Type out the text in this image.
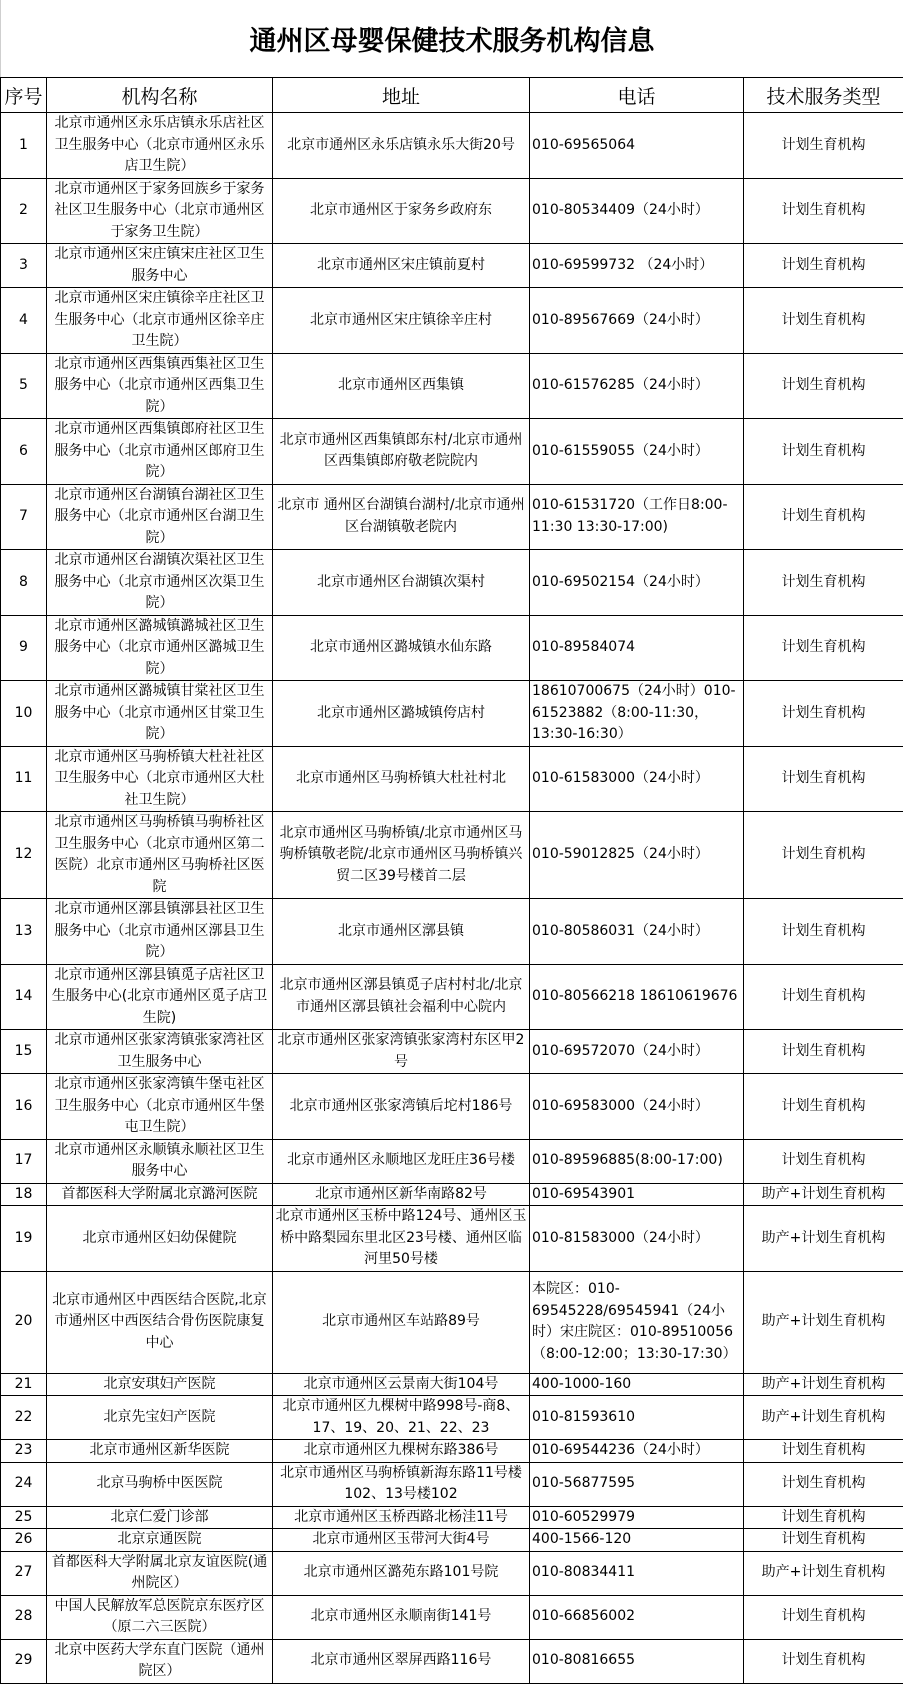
通州区母婴保健技术服务机构信息
序号	机构名称	地址	电话	技术服务类型
1	北京市通州区永乐店镇永乐店社区卫生服务中心（北京市通州区永乐店卫生院）	北京市通州区永乐店镇永乐大街20号	010-69565064	计划生育机构
2	北京市通州区于家务回族乡于家务社区卫生服务中心（北京市通州区于家务卫生院）	北京市通州区于家务乡政府东	010-80534409（24小时）	计划生育机构
3	北京市通州区宋庄镇宋庄社区卫生服务中心	北京市通州区宋庄镇前夏村	010-69599732 （24小时）	计划生育机构
4	北京市通州区宋庄镇徐辛庄社区卫生服务中心（北京市通州区徐辛庄卫生院）	北京市通州区宋庄镇徐辛庄村	010-89567669（24小时）	计划生育机构
5	北京市通州区西集镇西集社区卫生服务中心（北京市通州区西集卫生院）	北京市通州区西集镇	010-61576285（24小时）	计划生育机构
6	北京市通州区西集镇郎府社区卫生服务中心（北京市通州区郎府卫生院）	北京市通州区西集镇郎东村/北京市通州区西集镇郎府敬老院院内	010-61559055（24小时）	计划生育机构
7	北京市通州区台湖镇台湖社区卫生服务中心（北京市通州区台湖卫生院）	北京市 通州区台湖镇台湖村/北京市通州区台湖镇敬老院内	010-61531720（工作日8:00-11:30 13:30-17:00)	计划生育机构
8	北京市通州区台湖镇次渠社区卫生服务中心（北京市通州区次渠卫生院）	北京市通州区台湖镇次渠村	010-69502154（24小时）	计划生育机构
9	北京市通州区潞城镇潞城社区卫生服务中心（北京市通州区潞城卫生院）	北京市通州区潞城镇水仙东路	010-89584074	计划生育机构
10	北京市通州区潞城镇甘棠社区卫生服务中心（北京市通州区甘棠卫生院）	北京市通州区潞城镇侉店村	18610700675（24小时）010-61523882（8:00-11:30，13:30-16:30）	计划生育机构
11	北京市通州区马驹桥镇大杜社社区卫生服务中心（北京市通州区大杜社卫生院）	北京市通州区马驹桥镇大杜社村北	010-61583000（24小时）	计划生育机构
12	北京市通州区马驹桥镇马驹桥社区卫生服务中心（北京市通州区第二医院）北京市通州区马驹桥社区医院	北京市通州区马驹桥镇/北京市通州区马驹桥镇敬老院/北京市通州区马驹桥镇兴贸二区39号楼首二层	010-59012825（24小时）	计划生育机构
13	北京市通州区漷县镇漷县社区卫生服务中心（北京市通州区漷县卫生院）	北京市通州区漷县镇	010-80586031（24小时）	计划生育机构
14	北京市通州区漷县镇觅子店社区卫生服务中心(北京市通州区觅子店卫生院)	北京市通州区漷县镇觅子店村村北/北京市通州区漷县镇社会福利中心院内	010-80566218 18610619676	计划生育机构
15	北京市通州区张家湾镇张家湾社区卫生服务中心	北京市通州区张家湾镇张家湾村东区甲2号	010-69572070（24小时）	计划生育机构
16	北京市通州区张家湾镇牛堡屯社区卫生服务中心（北京市通州区牛堡屯卫生院）	北京市通州区张家湾镇后坨村186号	010-69583000（24小时）	计划生育机构
17	北京市通州区永顺镇永顺社区卫生服务中心	北京市通州区永顺地区龙旺庄36号楼	010-89596885(8:00-17:00)	计划生育机构
18	首都医科大学附属北京潞河医院	北京市通州区新华南路82号	010-69543901	助产+计划生育机构
19	北京市通州区妇幼保健院	北京市通州区玉桥中路124号、通州区玉桥中路梨园东里北区23号楼、通州区临河里50号楼	010-81583000（24小时）	助产+计划生育机构
20	北京市通州区中西医结合医院,北京市通州区中西医结合骨伤医院康复中心	北京市通州区车站路89号	本院区：010-69545228/69545941（24小时）宋庄院区：010-89510056（8:00-12:00；13:30-17:30）	助产+计划生育机构
21	北京安琪妇产医院	北京市通州区云景南大街104号	400-1000-160	助产+计划生育机构
22	北京先宝妇产医院	北京市通州区九棵树中路998号-商8、17、19、20、21、22、23	010-81593610	助产+计划生育机构
23	北京市通州区新华医院	北京市通州区九棵树东路386号	010-69544236（24小时）	计划生育机构
24	北京马驹桥中医医院	北京市通州区马驹桥镇新海东路11号楼102、13号楼102	010-56877595	计划生育机构
25	北京仁爱门诊部	北京市通州区玉桥西路北杨洼11号	010-60529979	计划生育机构
26	北京京通医院	北京市通州区玉带河大街4号	400-1566-120	计划生育机构
27	首都医科大学附属北京友谊医院(通州院区）	北京市通州区潞苑东路101号院	010-80834411	助产+计划生育机构
28	中国人民解放军总医院京东医疗区（原二六三医院）	北京市通州区永顺南街141号	010-66856002	计划生育机构
29	北京中医药大学东直门医院（通州院区）	北京市通州区翠屏西路116号	010-80816655	计划生育机构
